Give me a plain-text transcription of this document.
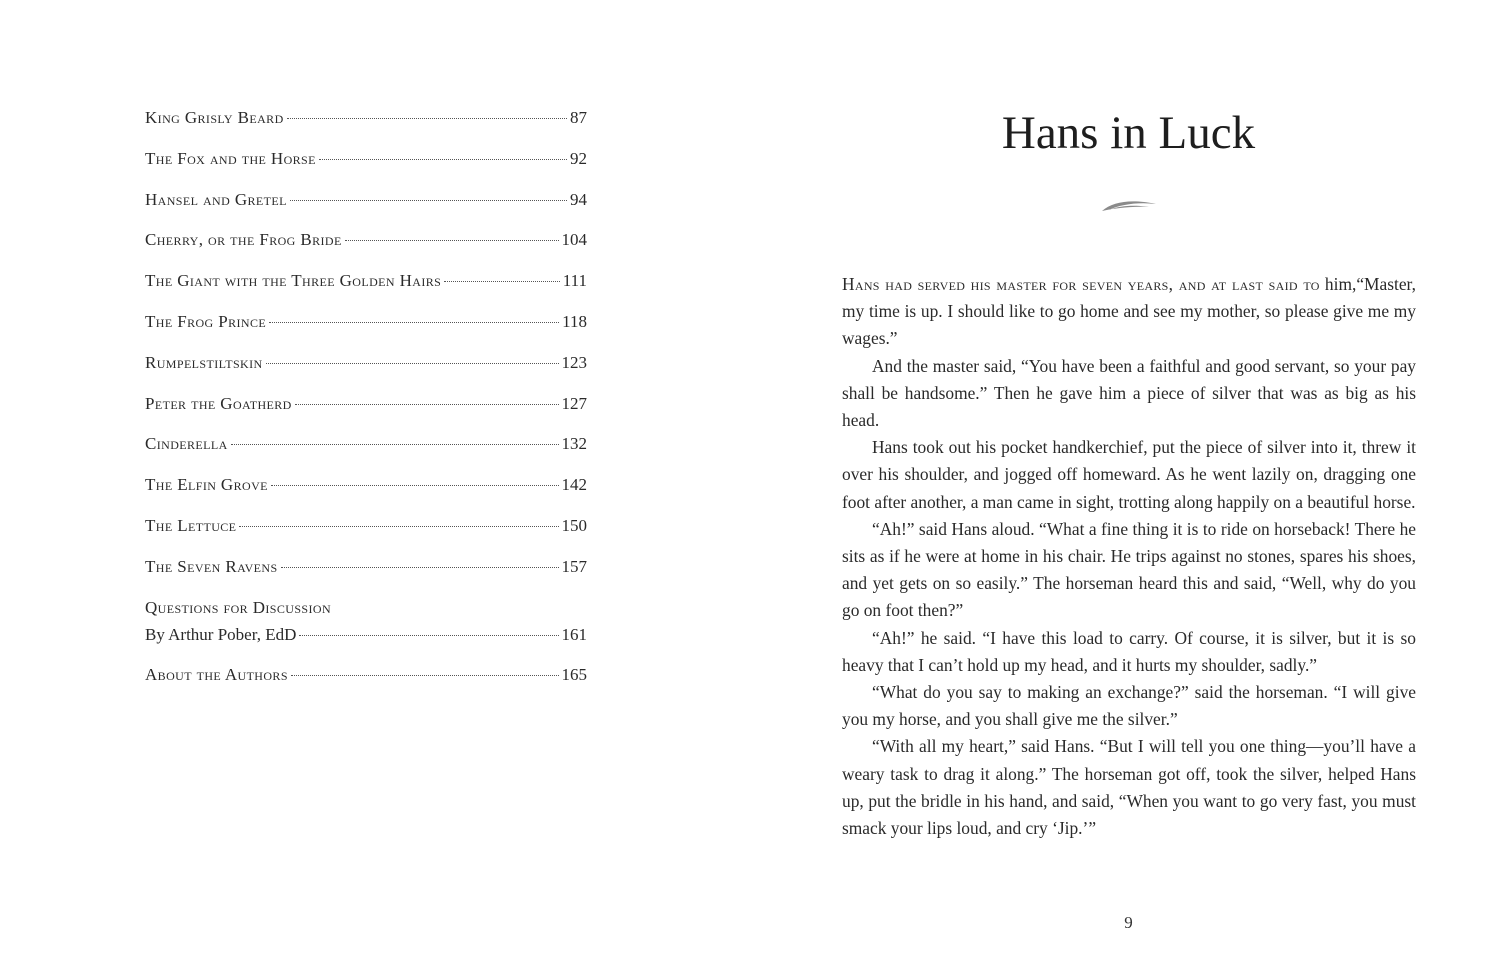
King Grisly Beard	87
The Fox and the Horse	92
Hansel and Gretel	94
Cherry, or the Frog Bride	104
The Giant with the Three Golden Hairs	111
The Frog Prince	118
Rumpelstiltskin	123
Peter the Goatherd	127
Cinderella	132
The Elfin Grove	142
The Lettuce	150
The Seven Ravens	157
Questions for Discussion
By Arthur Pober, EdD	161
About the Authors	165
Hans in Luck

Hans had served his master for seven years, and at last said to him,“Master, my time is up. I should like to go home and see my mother, so please give me my wages.”

And the master said, “You have been a faithful and good servant, so your pay shall be handsome.” Then he gave him a piece of silver that was as big as his head.

Hans took out his pocket handkerchief, put the piece of silver into it, threw it over his shoulder, and jogged off homeward. As he went lazily on, dragging one foot after another, a man came in sight, trotting along happily on a beautiful horse.

“Ah!” said Hans aloud. “What a fine thing it is to ride on horseback! There he sits as if he were at home in his chair. He trips against no stones, spares his shoes, and yet gets on so easily.” The horseman heard this and said, “Well, why do you go on foot then?”

“Ah!” he said. “I have this load to carry. Of course, it is silver, but it is so heavy that I can’t hold up my head, and it hurts my shoulder, sadly.”

“What do you say to making an exchange?” said the horseman. “I will give you my horse, and you shall give me the silver.”

“With all my heart,” said Hans. “But I will tell you one thing—you’ll have a weary task to drag it along.” The horseman got off, took the silver, helped Hans up, put the bridle in his hand, and said, “When you want to go very fast, you must smack your lips loud, and cry ‘Jip.’”

9
